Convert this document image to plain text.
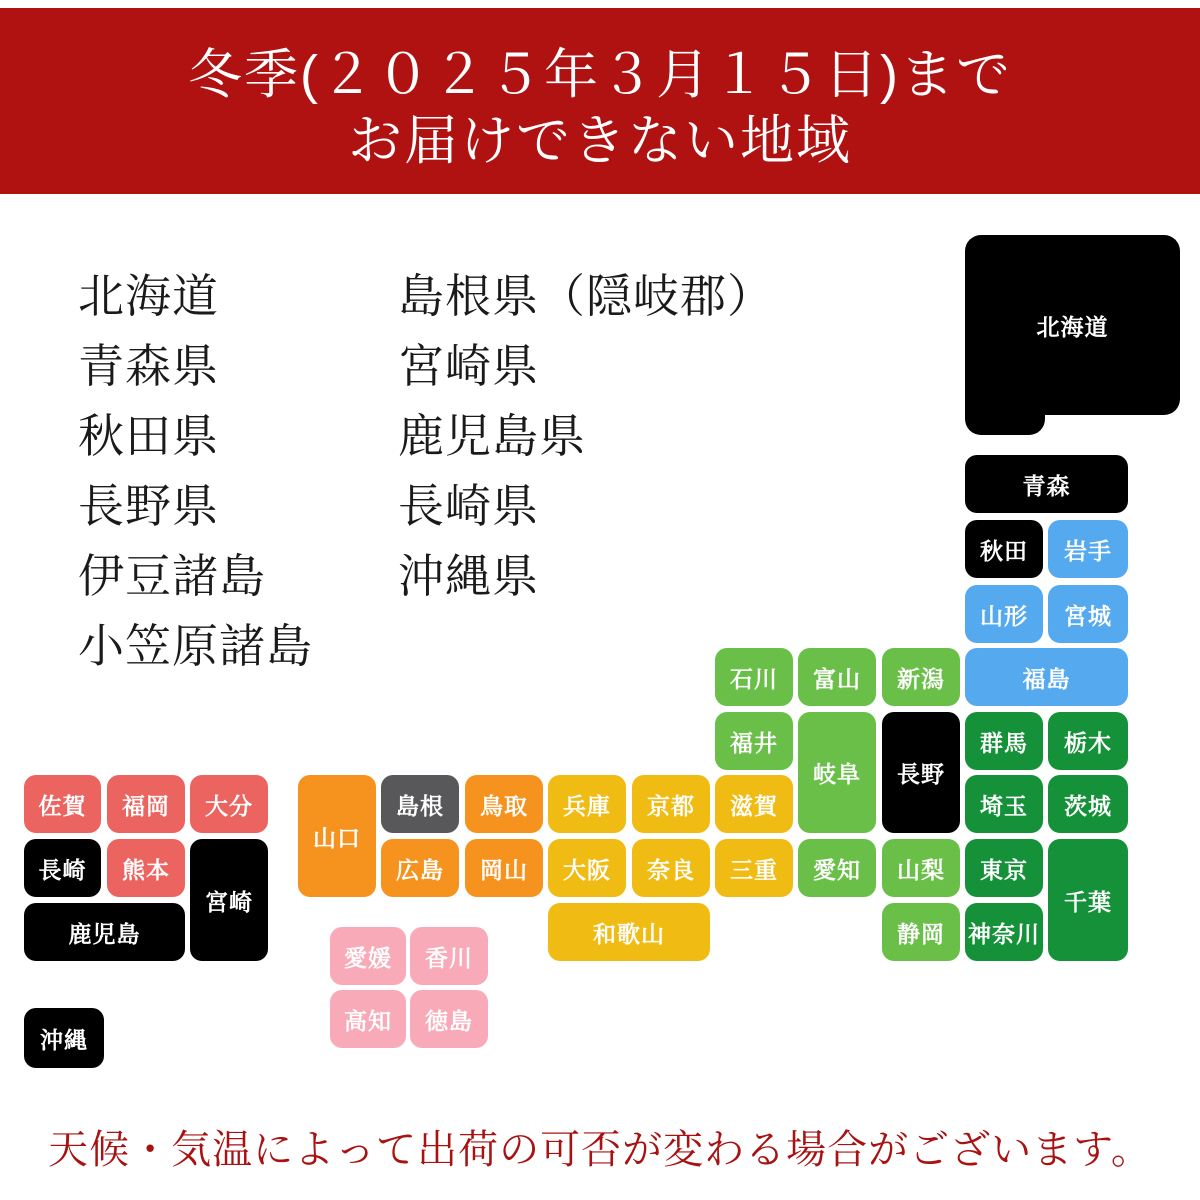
冬季(２０２５年３月１５日)まで
お届けできない地域
北海道
青森県
秋田県
長野県
伊豆諸島
小笠原諸島
島根県（隠岐郡）
宮崎県
鹿児島県
長崎県
沖縄県
北海道
青森
秋田 岩手
山形 宮城
福島
石川 富山 新潟
福井
岐阜 長野
群馬 栃木
滋賀	埼玉 茨城
山口
島根 鳥取 兵庫 京都
広島 岡山 大阪 奈良 三重 愛知 山梨 東京
千葉
和歌山	静岡 神奈川
佐賀 福岡 大分
長崎 熊本
宮崎
鹿児島
愛媛 香川
高知 徳島
沖縄
天候・気温によって出荷の可否が変わる場合がございます。
